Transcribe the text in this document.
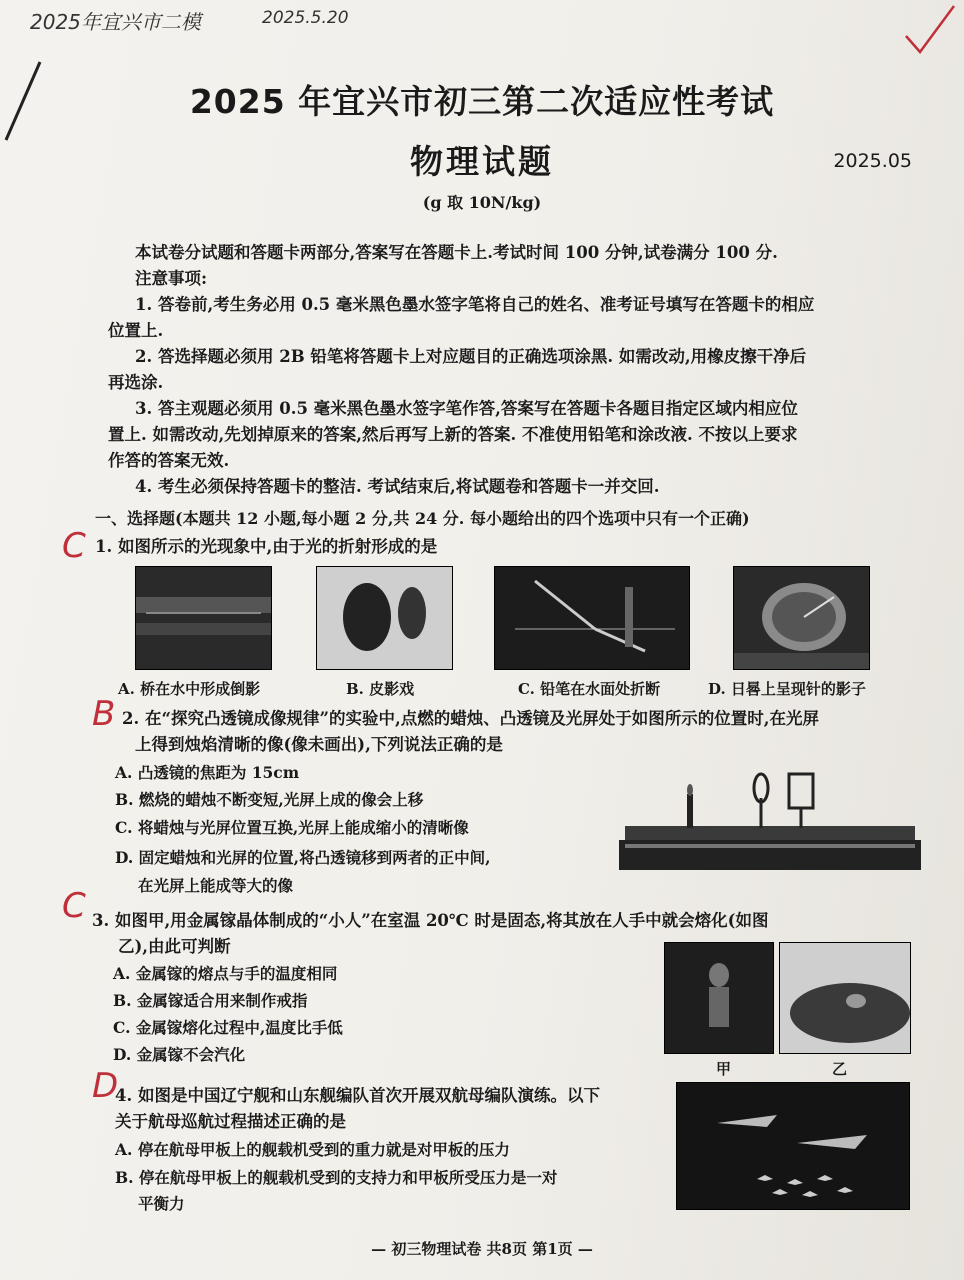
2025年宜兴市二模	2025.5.20
2025 年宜兴市初三第二次适应性考试
物理试题	2025.05
(g 取 10N/kg)
本试卷分试题和答题卡两部分,答案写在答题卡上.考试时间 100 分钟,试卷满分 100 分.
注意事项:
1. 答卷前,考生务必用 0.5 毫米黑色墨水签字笔将自己的姓名、准考证号填写在答题卡的相应
位置上.
2. 答选择题必须用 2B 铅笔将答题卡上对应题目的正确选项涂黑. 如需改动,用橡皮擦干净后
再选涂.
3. 答主观题必须用 0.5 毫米黑色墨水签字笔作答,答案写在答题卡各题目指定区域内相应位
置上. 如需改动,先划掉原来的答案,然后再写上新的答案. 不准使用铅笔和涂改液. 不按以上要求
作答的答案无效.
4. 考生必须保持答题卡的整洁. 考试结束后,将试题卷和答题卡一并交回.
一、选择题(本题共 12 小题,每小题 2 分,共 24 分. 每小题给出的四个选项中只有一个正确)
C 1. 如图所示的光现象中,由于光的折射形成的是
A. 桥在水中形成倒影	B. 皮影戏	C. 铅笔在水面处折断	D. 日晷上呈现针的影子
B 2. 在“探究凸透镜成像规律”的实验中,点燃的蜡烛、凸透镜及光屏处于如图所示的位置时,在光屏
上得到烛焰清晰的像(像未画出),下列说法正确的是
A. 凸透镜的焦距为 15cm
B. 燃烧的蜡烛不断变短,光屏上成的像会上移
C. 将蜡烛与光屏位置互换,光屏上能成缩小的清晰像
D. 固定蜡烛和光屏的位置,将凸透镜移到两者的正中间,
在光屏上能成等大的像
C 3. 如图甲,用金属镓晶体制成的“小人”在室温 20℃ 时是固态,将其放在人手中就会熔化(如图
乙),由此可判断
A. 金属镓的熔点与手的温度相同
B. 金属镓适合用来制作戒指
C. 金属镓熔化过程中,温度比手低
D. 金属镓不会汽化
甲	乙
D
4. 如图是中国辽宁舰和山东舰编队首次开展双航母编队演练。以下
关于航母巡航过程描述正确的是
A. 停在航母甲板上的舰载机受到的重力就是对甲板的压力
B. 停在航母甲板上的舰载机受到的支持力和甲板所受压力是一对
平衡力
— 初三物理试卷 共8页 第1页 —
